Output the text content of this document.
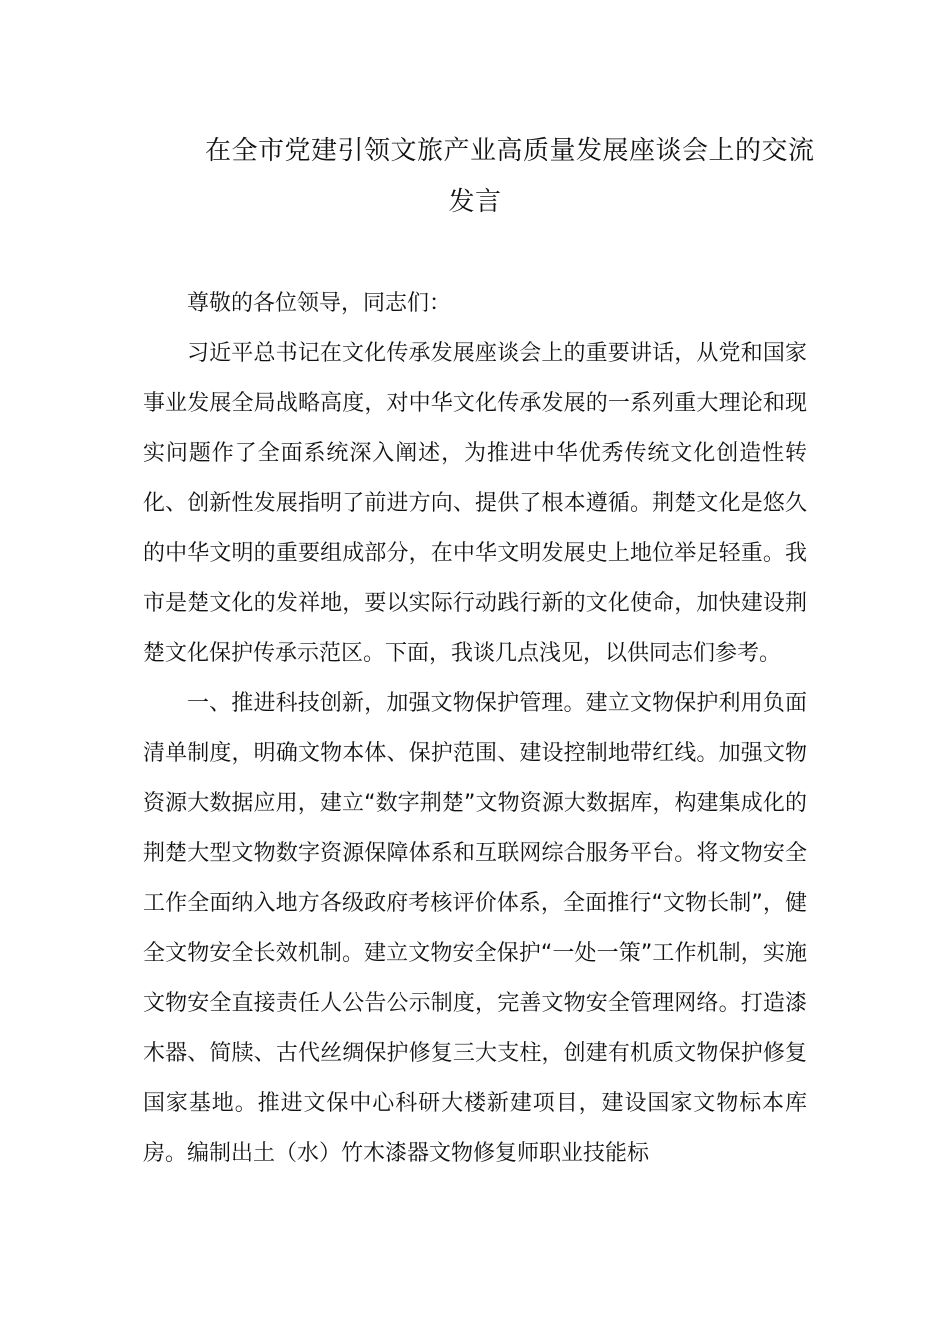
在全市党建引领文旅产业高质量发展座谈会上的交流
发言

尊敬的各位领导，同志们：

习近平总书记在文化传承发展座谈会上的重要讲话，从党和国家事业发展全局战略高度，对中华文化传承发展的一系列重大理论和现实问题作了全面系统深入阐述，为推进中华优秀传统文化创造性转化、创新性发展指明了前进方向、提供了根本遵循。荆楚文化是悠久的中华文明的重要组成部分，在中华文明发展史上地位举足轻重。我市是楚文化的发祥地，要以实际行动践行新的文化使命，加快建设荆楚文化保护传承示范区。下面，我谈几点浅见，以供同志们参考。

一、推进科技创新，加强文物保护管理。建立文物保护利用负面清单制度，明确文物本体、保护范围、建设控制地带红线。加强文物资源大数据应用，建立“数字荆楚”文物资源大数据库，构建集成化的荆楚大型文物数字资源保障体系和互联网综合服务平台。将文物安全工作全面纳入地方各级政府考核评价体系，全面推行“文物长制”，健全文物安全长效机制。建立文物安全保护“一处一策”工作机制，实施文物安全直接责任人公告公示制度，完善文物安全管理网络。打造漆木器、简牍、古代丝绸保护修复三大支柱，创建有机质文物保护修复国家基地。推进文保中心科研大楼新建项目，建设国家文物标本库房。编制出土（水）竹木漆器文物修复师职业技能标
